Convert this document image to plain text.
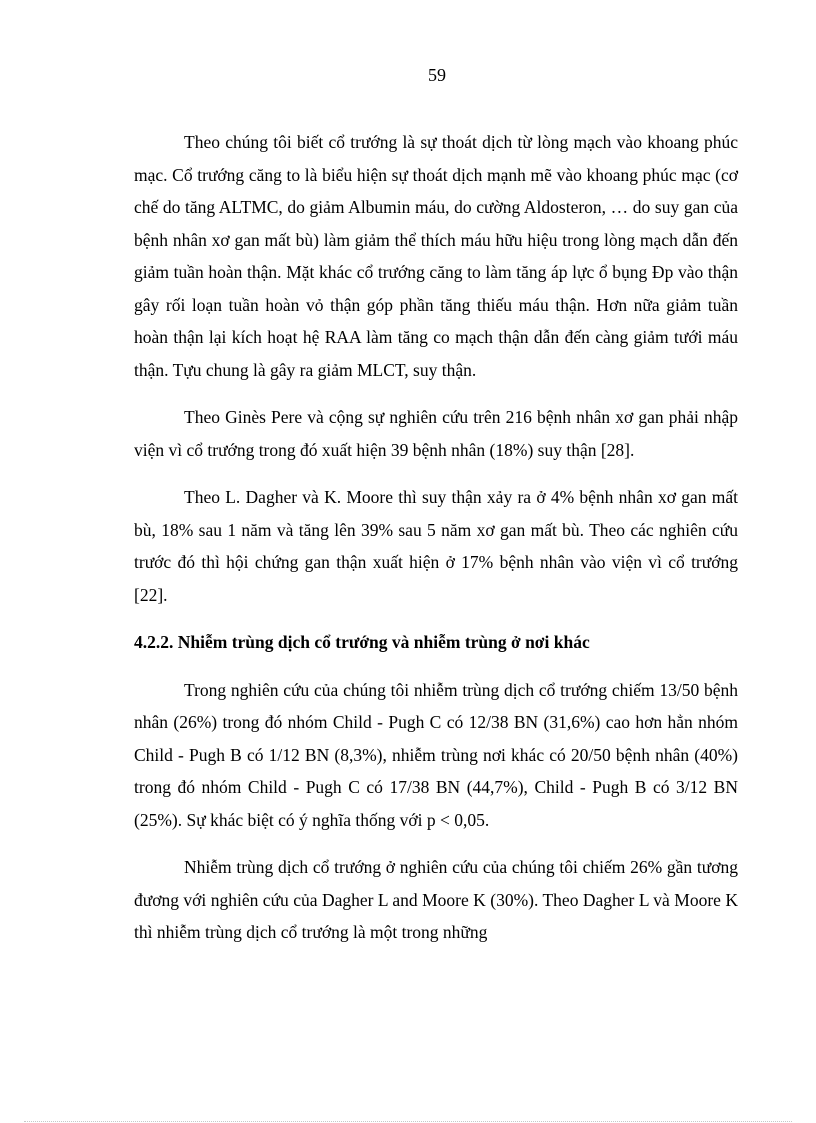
59

Theo chúng tôi biết cổ trướng là sự thoát dịch từ lòng mạch vào khoang phúc mạc. Cổ trướng căng to là biểu hiện sự thoát dịch mạnh mẽ vào khoang phúc mạc (cơ chế do tăng ALTMC, do giảm Albumin máu, do cường Aldosteron, … do suy gan của bệnh nhân xơ gan mất bù) làm giảm thể thích máu hữu hiệu trong lòng mạch dẫn đến giảm tuần hoàn thận. Mặt khác cổ trướng căng to làm tăng áp lực ổ bụng Đp vào thận gây rối loạn tuần hoàn vỏ thận góp phần tăng thiếu máu thận. Hơn nữa giảm tuần hoàn thận lại kích hoạt hệ RAA làm tăng co mạch thận dẫn đến càng giảm tưới máu thận. Tựu chung là gây ra giảm MLCT, suy thận.

Theo Ginès Pere và cộng sự nghiên cứu trên 216 bệnh nhân xơ gan phải nhập viện vì cổ trướng trong đó xuất hiện 39 bệnh nhân (18%) suy thận [28].

Theo L. Dagher và K. Moore thì suy thận xảy ra ở 4% bệnh nhân xơ gan mất bù, 18% sau 1 năm và tăng lên 39% sau 5 năm xơ gan mất bù. Theo các nghiên cứu trước đó thì hội chứng gan thận xuất hiện ở 17% bệnh nhân vào viện vì cổ trướng [22].

4.2.2. Nhiễm trùng dịch cổ trướng và nhiễm trùng ở nơi khác

Trong nghiên cứu của chúng tôi nhiễm trùng dịch cổ trướng chiếm 13/50 bệnh nhân (26%) trong đó nhóm Child - Pugh C có 12/38 BN (31,6%) cao hơn hẳn nhóm Child - Pugh B có 1/12 BN (8,3%), nhiễm trùng nơi khác có 20/50 bệnh nhân (40%) trong đó nhóm Child - Pugh C có 17/38 BN (44,7%), Child - Pugh B có 3/12 BN (25%). Sự khác biệt có ý nghĩa thống với p < 0,05.

Nhiễm trùng dịch cổ trướng ở nghiên cứu của chúng tôi chiếm 26% gần tương đương với nghiên cứu của Dagher L and Moore K (30%). Theo Dagher L và Moore K thì nhiễm trùng dịch cổ trướng là một trong những
